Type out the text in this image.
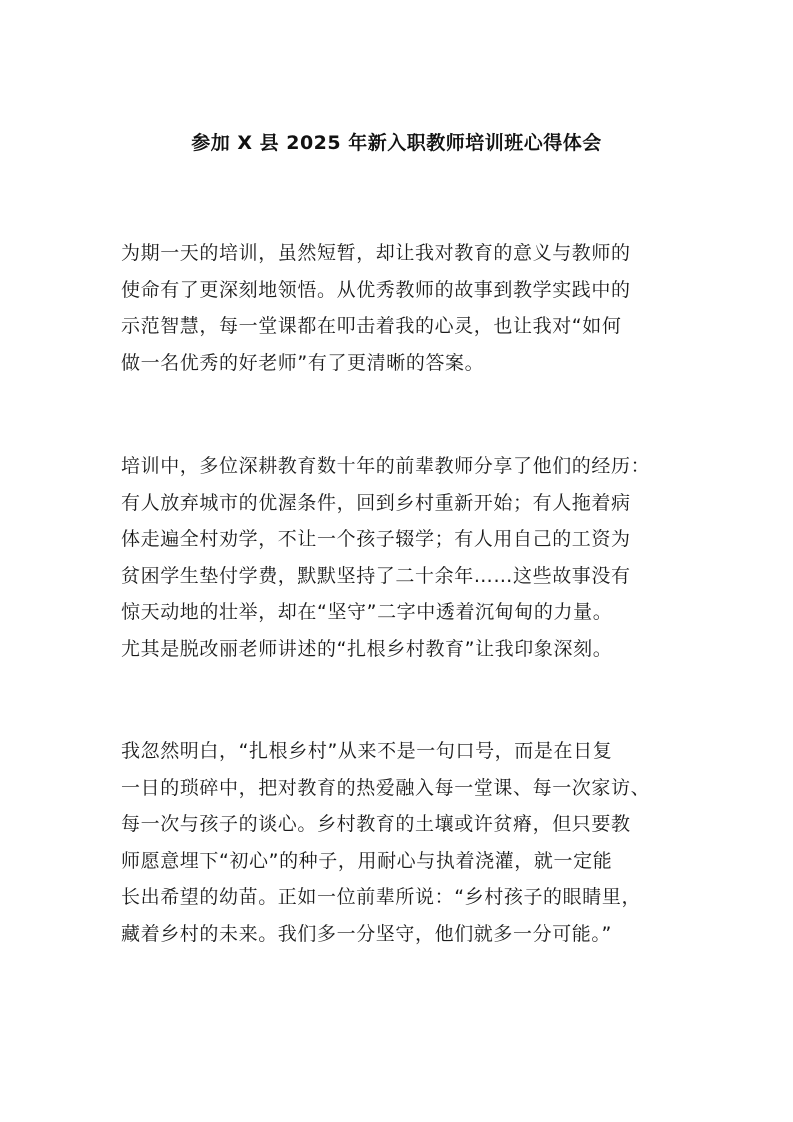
参加 X 县 2025 年新入职教师培训班心得体会

为期一天的培训，虽然短暂，却让我对教育的意义与教师的
使命有了更深刻地领悟。从优秀教师的故事到教学实践中的
示范智慧，每一堂课都在叩击着我的心灵，也让我对“如何
做一名优秀的好老师”有了更清晰的答案。

培训中，多位深耕教育数十年的前辈教师分享了他们的经历：
有人放弃城市的优渥条件，回到乡村重新开始；有人拖着病
体走遍全村劝学，不让一个孩子辍学；有人用自己的工资为
贫困学生垫付学费，默默坚持了二十余年……这些故事没有
惊天动地的壮举，却在“坚守”二字中透着沉甸甸的力量。
尤其是脱改丽老师讲述的“扎根乡村教育”让我印象深刻。

我忽然明白，“扎根乡村”从来不是一句口号，而是在日复
一日的琐碎中，把对教育的热爱融入每一堂课、每一次家访、
每一次与孩子的谈心。乡村教育的土壤或许贫瘠，但只要教
师愿意埋下“初心”的种子，用耐心与执着浇灌，就一定能
长出希望的幼苗。正如一位前辈所说：“乡村孩子的眼睛里，
藏着乡村的未来。我们多一分坚守，他们就多一分可能。”
